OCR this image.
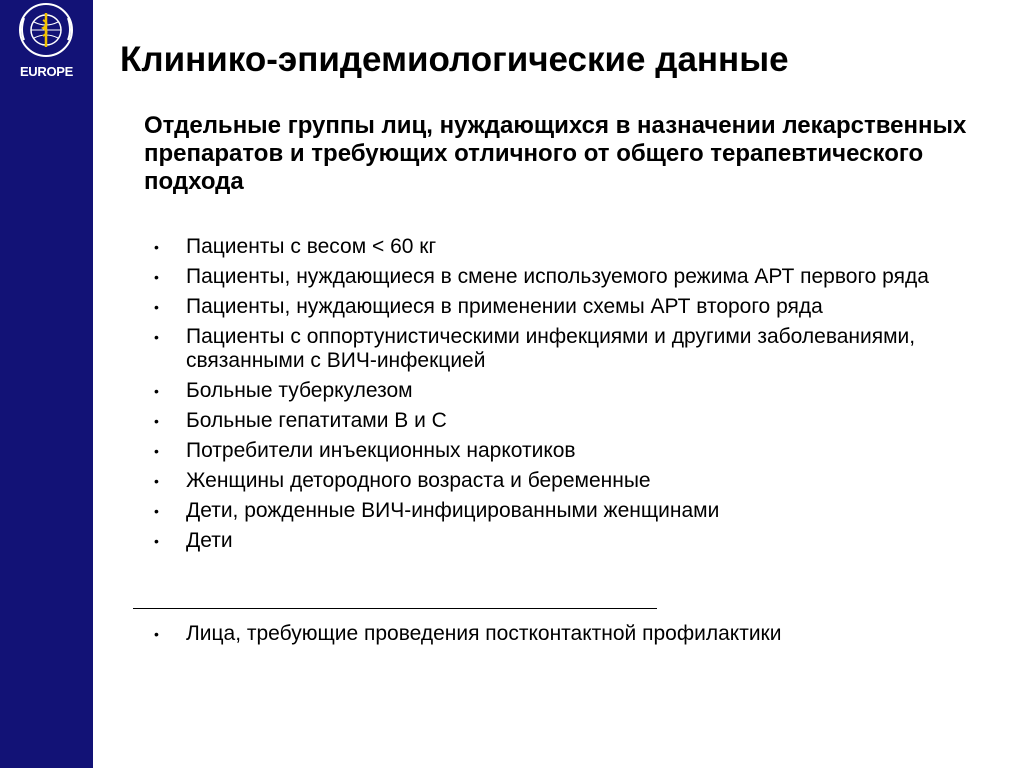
EUROPE	Клинико-эпидемиологические данные

Отдельные группы лиц, нуждающихся в назначении лекарственных препаратов и требующих отличного от общего терапевтического подхода

• Пациенты с весом < 60 кг
• Пациенты, нуждающиеся в смене используемого режима АРТ первого ряда
• Пациенты, нуждающиеся в применении схемы АРТ второго ряда
• Пациенты с оппортунистическими инфекциями и другими заболеваниями, связанными с ВИЧ-инфекцией
• Больные туберкулезом
• Больные гепатитами В и С
• Потребители инъекционных наркотиков
• Женщины детородного возраста и беременные
• Дети, рожденные ВИЧ-инфицированными женщинами
• Дети
• Лица, требующие проведения постконтактной профилактики
